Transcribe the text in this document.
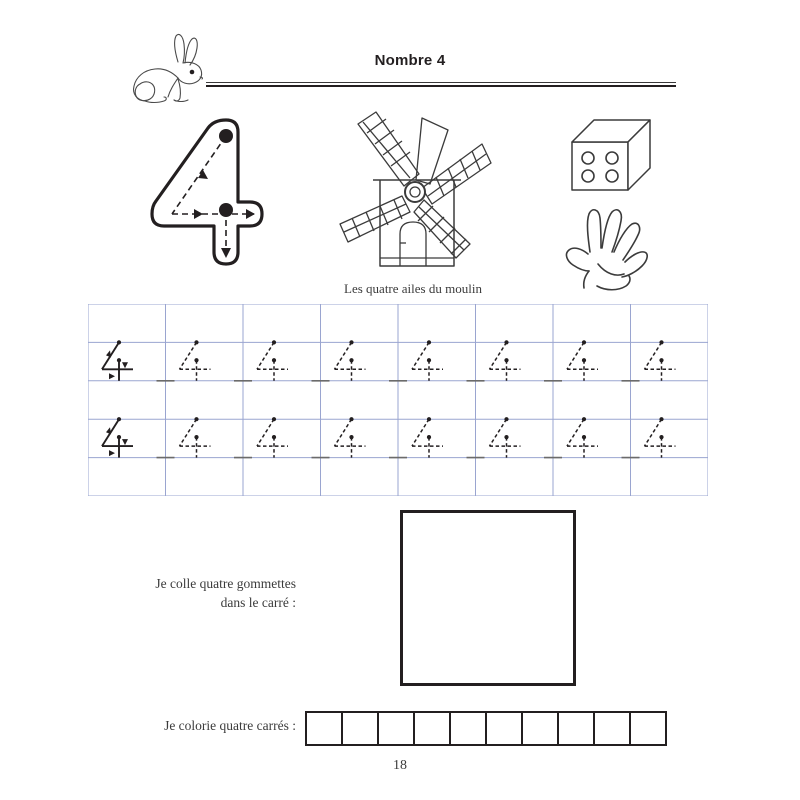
Nombre 4
Les quatre ailes du moulin
Je colle quatre gommettes
dans le carré :
Je colorie quatre carrés :
18
